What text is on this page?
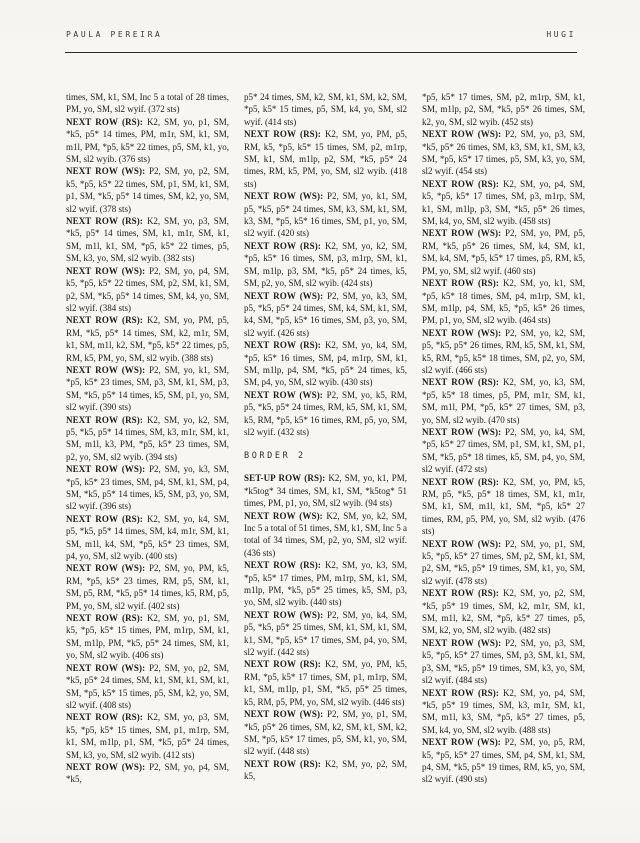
PAULA PEREIRA	HUGI
times, SM, k1, SM, Inc 5 a total of 28 times, PM, yo, SM, sl2 wyif. (372 sts)
NEXT ROW (RS): K2, SM, yo, p1, SM, *k5, p5* 14 times, PM, m1r, SM, k1, SM, m1l, PM, *p5, k5* 22 times, p5, SM, k1, yo, SM, sl2 wyib. (376 sts)
NEXT ROW (WS): P2, SM, yo, p2, SM, k5, *p5, k5* 22 times, SM, p1, SM, k1, SM, p1, SM, *k5, p5* 14 times, SM, k2, yo, SM, sl2 wyif. (378 sts)
NEXT ROW (RS): K2, SM, yo, p3, SM, *k5, p5* 14 times, SM, k1, m1r, SM, k1, SM, m1l, k1, SM, *p5, k5* 22 times, p5, SM, k3, yo, SM, sl2 wyib. (382 sts)
NEXT ROW (WS): P2, SM, yo, p4, SM, k5, *p5, k5* 22 times, SM, p2, SM, k1, SM, p2, SM, *k5, p5* 14 times, SM, k4, yo, SM, sl2 wyif. (384 sts)
NEXT ROW (RS): K2, SM, yo, PM, p5, RM, *k5, p5* 14 times, SM, k2, m1r, SM, k1, SM, m1l, k2, SM, *p5, k5* 22 times, p5, RM, k5, PM, yo, SM, sl2 wyib. (388 sts)
NEXT ROW (WS): P2, SM, yo, k1, SM, *p5, k5* 23 times, SM, p3, SM, k1, SM, p3, SM, *k5, p5* 14 times, k5, SM, p1, yo, SM, sl2 wyif. (390 sts)
NEXT ROW (RS): K2, SM, yo, k2, SM, p5, *k5, p5* 14 times, SM, k3, m1r, SM, k1, SM, m1l, k3, PM, *p5, k5* 23 times, SM, p2, yo, SM, sl2 wyib. (394 sts)
NEXT ROW (WS): P2, SM, yo, k3, SM, *p5, k5* 23 times, SM, p4, SM, k1, SM, p4, SM, *k5, p5* 14 times, k5, SM, p3, yo, SM, sl2 wyif. (396 sts)
NEXT ROW (RS): K2, SM, yo, k4, SM, p5, *k5, p5* 14 times, SM, k4, m1r, SM, k1, SM, m1l, k4, SM, *p5, k5* 23 times, SM, p4, yo, SM, sl2 wyib. (400 sts)
NEXT ROW (WS): P2, SM, yo, PM, k5, RM, *p5, k5* 23 times, RM, p5, SM, k1, SM, p5, RM, *k5, p5* 14 times, k5, RM, p5, PM, yo, SM, sl2 wyif. (402 sts)
NEXT ROW (RS): K2, SM, yo, p1, SM, k5, *p5, k5* 15 times, PM, m1rp, SM, k1, SM, m1lp, PM, *k5, p5* 24 times, SM, k1, yo, SM, sl2 wyib. (406 sts)
NEXT ROW (WS): P2, SM, yo, p2, SM, *k5, p5* 24 times, SM, k1, SM, k1, SM, k1, SM, *p5, k5* 15 times, p5, SM, k2, yo, SM, sl2 wyif. (408 sts)
NEXT ROW (RS): K2, SM, yo, p3, SM, k5, *p5, k5* 15 times, SM, p1, m1rp, SM, k1, SM, m1lp, p1, SM, *k5, p5* 24 times, SM, k3, yo, SM, sl2 wyib. (412 sts)
NEXT ROW (WS): P2, SM, yo, p4, SM, *k5,
p5* 24 times, SM, k2, SM, k1, SM, k2, SM, *p5, k5* 15 times, p5, SM, k4, yo, SM, sl2 wyif. (414 sts)
NEXT ROW (RS): K2, SM, yo, PM, p5, RM, k5, *p5, k5* 15 times, SM, p2, m1rp, SM, k1, SM, m1lp, p2, SM, *k5, p5* 24 times, RM, k5, PM, yo, SM, sl2 wyib. (418 sts)
NEXT ROW (WS): P2, SM, yo, k1, SM, p5, *k5, p5* 24 times, SM, k3, SM, k1, SM, k3, SM, *p5, k5* 16 times, SM, p1, yo, SM, sl2 wyif. (420 sts)
NEXT ROW (RS): K2, SM, yo, k2, SM, *p5, k5* 16 times, SM, p3, m1rp, SM, k1, SM, m1lp, p3, SM, *k5, p5* 24 times, k5, SM, p2, yo, SM, sl2 wyib. (424 sts)
NEXT ROW (WS): P2, SM, yo, k3, SM, p5, *k5, p5* 24 times, SM, k4, SM, k1, SM, k4, SM, *p5, k5* 16 times, SM, p3, yo, SM, sl2 wyif. (426 sts)
NEXT ROW (RS): K2, SM, yo, k4, SM, *p5, k5* 16 times, SM, p4, m1rp, SM, k1, SM, m1lp, p4, SM, *k5, p5* 24 times, k5, SM, p4, yo, SM, sl2 wyib. (430 sts)
NEXT ROW (WS): P2, SM, yo, k5, RM, p5, *k5, p5* 24 times, RM, k5, SM, k1, SM, k5, RM, *p5, k5* 16 times, RM, p5, yo, SM, sl2 wyif. (432 sts)
BORDER 2
SET-UP ROW (RS): K2, SM, yo, k1, PM, *k5tog* 34 times, SM, k1, SM, *k5tog* 51 times, PM, p1, yo, SM, sl2 wyib. (94 sts)
NEXT ROW (WS): K2, SM, yo, k2, SM, Inc 5 a total of 51 times, SM, k1, SM, Inc 5 a total of 34 times, SM, p2, yo, SM, sl2 wyif. (436 sts)
NEXT ROW (RS): K2, SM, yo, k3, SM, *p5, k5* 17 times, PM, m1rp, SM, k1, SM, m1lp, PM, *k5, p5* 25 times, k5, SM, p3, yo, SM, sl2 wyib. (440 sts)
NEXT ROW (WS): P2, SM, yo, k4, SM, p5, *k5, p5* 25 times, SM, k1, SM, k1, SM, k1, SM, *p5, k5* 17 times, SM, p4, yo, SM, sl2 wyif. (442 sts)
NEXT ROW (RS): K2, SM, yo, PM, k5, RM, *p5, k5* 17 times, SM, p1, m1rp, SM, k1, SM, m1lp, p1, SM, *k5, p5* 25 times, k5, RM, p5, PM, yo, SM, sl2 wyib. (446 sts)
NEXT ROW (WS): P2, SM, yo, p1, SM, *k5, p5* 26 times, SM, k2, SM, k1, SM, k2, SM, *p5, k5* 17 times, p5, SM, k1, yo, SM, sl2 wyif. (448 sts)
NEXT ROW (RS): K2, SM, yo, p2, SM, k5,
*p5, k5* 17 times, SM, p2, m1rp, SM, k1, SM, m1lp, p2, SM, *k5, p5* 26 times, SM, k2, yo, SM, sl2 wyib. (452 sts)
NEXT ROW (WS): P2, SM, yo, p3, SM, *k5, p5* 26 times, SM, k3, SM, k1, SM, k3, SM, *p5, k5* 17 times, p5, SM, k3, yo, SM, sl2 wyif. (454 sts)
NEXT ROW (RS): K2, SM, yo, p4, SM, k5, *p5, k5* 17 times, SM, p3, m1rp, SM, k1, SM, m1lp, p3, SM, *k5, p5* 26 times, SM, k4, yo, SM, sl2 wyib. (458 sts)
NEXT ROW (WS): P2, SM, yo, PM, p5, RM, *k5, p5* 26 times, SM, k4, SM, k1, SM, k4, SM, *p5, k5* 17 times, p5, RM, k5, PM, yo, SM, sl2 wyif. (460 sts)
NEXT ROW (RS): K2, SM, yo, k1, SM, *p5, k5* 18 times, SM, p4, m1rp, SM, k1, SM, m1lp, p4, SM, k5, *p5, k5* 26 times, PM, p1, yo, SM, sl2 wyib. (464 sts)
NEXT ROW (WS): P2, SM, yo, k2, SM, p5, *k5, p5* 26 times, RM, k5, SM, k1, SM, k5, RM, *p5, k5* 18 times, SM, p2, yo, SM, sl2 wyif. (466 sts)
NEXT ROW (RS): K2, SM, yo, k3, SM, *p5, k5* 18 times, p5, PM, m1r, SM, k1, SM, m1l, PM, *p5, k5* 27 times, SM, p3, yo, SM, sl2 wyib. (470 sts)
NEXT ROW (WS): P2, SM, yo, k4, SM, *p5, k5* 27 times, SM, p1, SM, k1, SM, p1, SM, *k5, p5* 18 times, k5, SM, p4, yo, SM, sl2 wyif. (472 sts)
NEXT ROW (RS): K2, SM, yo, PM, k5, RM, p5, *k5, p5* 18 times, SM, k1, m1r, SM, k1, SM, m1l, k1, SM, *p5, k5* 27 times, RM, p5, PM, yo, SM, sl2 wyib. (476 sts)
NEXT ROW (WS): P2, SM, yo, p1, SM, k5, *p5, k5* 27 times, SM, p2, SM, k1, SM, p2, SM, *k5, p5* 19 times, SM, k1, yo, SM, sl2 wyif. (478 sts)
NEXT ROW (RS): K2, SM, yo, p2, SM, *k5, p5* 19 times, SM, k2, m1r, SM, k1, SM, m1l, k2, SM, *p5, k5* 27 times, p5, SM, k2, yo, SM, sl2 wyib. (482 sts)
NEXT ROW (WS): P2, SM, yo, p3, SM, k5, *p5, k5* 27 times, SM, p3, SM, k1, SM, p3, SM, *k5, p5* 19 times, SM, k3, yo, SM, sl2 wyif. (484 sts)
NEXT ROW (RS): K2, SM, yo, p4, SM, *k5, p5* 19 times, SM, k3, m1r, SM, k1, SM, m1l, k3, SM, *p5, k5* 27 times, p5, SM, k4, yo, SM, sl2 wyib. (488 sts)
NEXT ROW (WS): P2, SM, yo, p5, RM, k5, *p5, k5* 27 times, SM, p4, SM, k1, SM, p4, SM, *k5, p5* 19 times, RM, k5, yo, SM, sl2 wyif. (490 sts)
